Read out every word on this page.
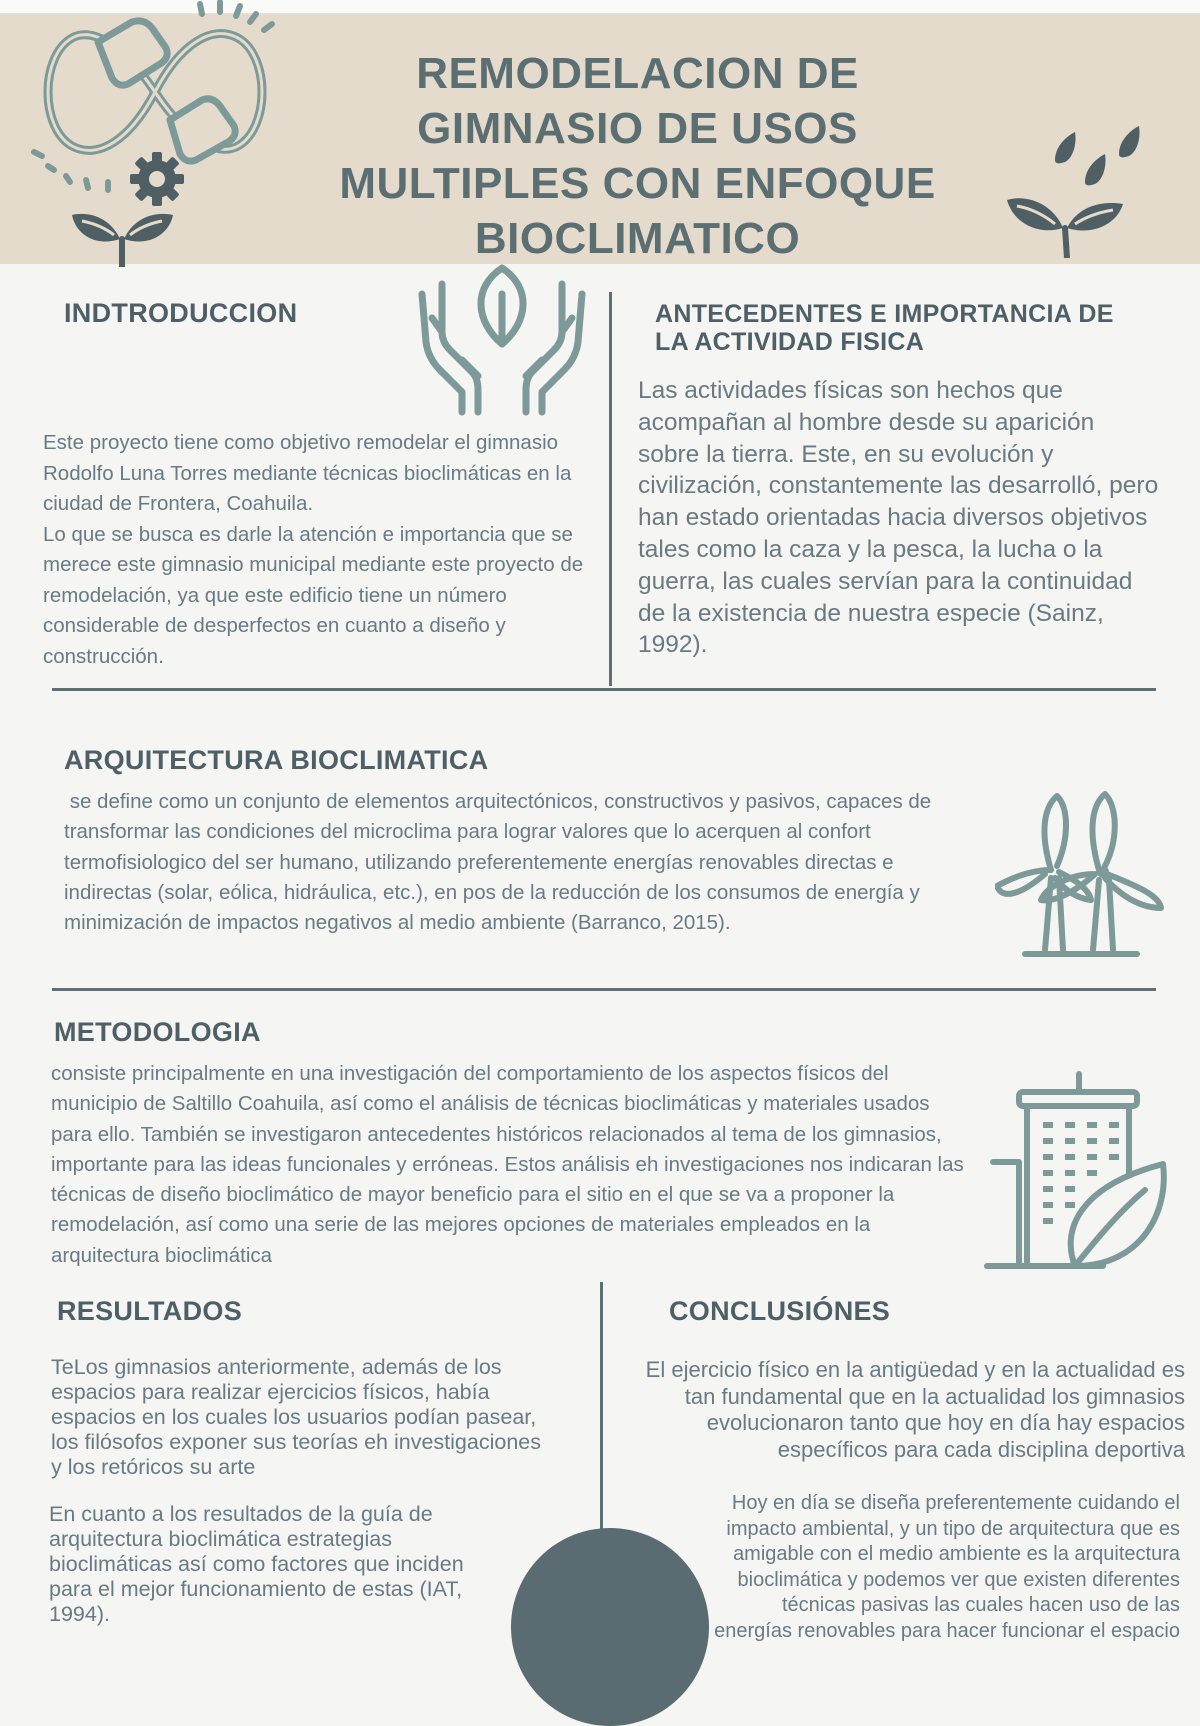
REMODELACION DE GIMNASIO DE USOS MULTIPLES CON ENFOQUE BIOCLIMATICO
INDTRODUCCION

Este proyecto tiene como objetivo remodelar el gimnasio Rodolfo Luna Torres mediante técnicas bioclimáticas en la ciudad de Frontera, Coahuila.
Lo que se busca es darle la atención e importancia que se merece este gimnasio municipal mediante este proyecto de remodelación, ya que este edificio tiene un número considerable de desperfectos en cuanto a diseño y construcción.

ANTECEDENTES E IMPORTANCIA DE LA ACTIVIDAD FISICA

Las actividades físicas son hechos que acompañan al hombre desde su aparición sobre la tierra. Este, en su evolución y civilización, constantemente las desarrolló, pero han estado orientadas hacia diversos objetivos tales como la caza y la pesca, la lucha o la guerra, las cuales servían para la continuidad de la existencia de nuestra especie (Sainz, 1992).

ARQUITECTURA BIOCLIMATICA

se define como un conjunto de elementos arquitectónicos, constructivos y pasivos, capaces de transformar las condiciones del microclima para lograr valores que lo acerquen al confort termofisiologico del ser humano, utilizando preferentemente energías renovables directas e indirectas (solar, eólica, hidráulica, etc.), en pos de la reducción de los consumos de energía y minimización de impactos negativos al medio ambiente (Barranco, 2015).

METODOLOGIA

consiste principalmente en una investigación del comportamiento de los aspectos físicos del municipio de Saltillo Coahuila, así como el análisis de técnicas bioclimáticas y materiales usados para ello. También se investigaron antecedentes históricos relacionados al tema de los gimnasios, importante para las ideas funcionales y erróneas. Estos análisis eh investigaciones nos indicaran las técnicas de diseño bioclimático de mayor beneficio para el sitio en el que se va a proponer la remodelación, así como una serie de las mejores opciones de materiales empleados en la arquitectura bioclimática

RESULTADOS

TeLos gimnasios anteriormente, además de los espacios para realizar ejercicios físicos, había espacios en los cuales los usuarios podían pasear, los filósofos exponer sus teorías eh investigaciones y los retóricos su arte

En cuanto a los resultados de la guía de arquitectura bioclimática estrategias bioclimáticas así como factores que inciden para el mejor funcionamiento de estas (IAT, 1994).

CONCLUSIÓNES

El ejercicio físico en la antigüedad y en la actualidad es tan fundamental que en la actualidad los gimnasios evolucionaron tanto que hoy en día hay espacios específicos para cada disciplina deportiva

Hoy en día se diseña preferentemente cuidando el impacto ambiental, y un tipo de arquitectura que es amigable con el medio ambiente es la arquitectura bioclimática y podemos ver que existen diferentes técnicas pasivas las cuales hacen uso de las energías renovables para hacer funcionar el espacio
